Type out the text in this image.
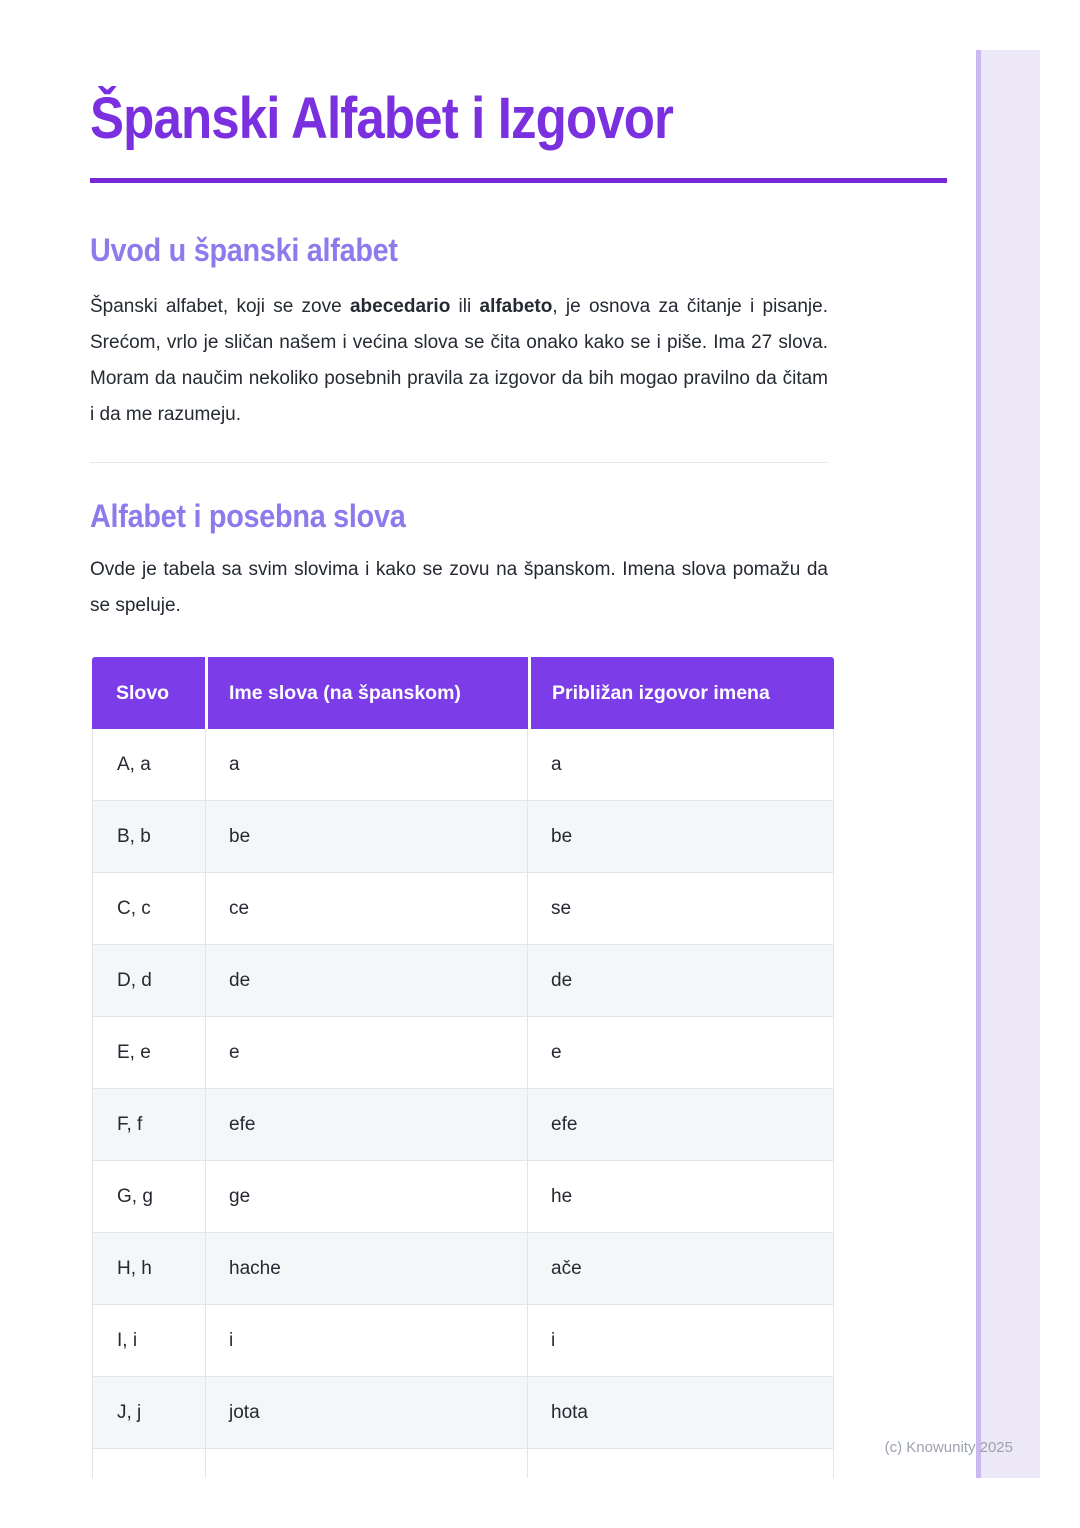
Španski Alfabet i Izgovor
Uvod u španski alfabet

Španski alfabet, koji se zove abecedario ili alfabeto, je osnova za čitanje i pisanje. Srećom, vrlo je sličan našem i većina slova se čita onako kako se i piše. Ima 27 slova. Moram da naučim nekoliko posebnih pravila za izgovor da bih mogao pravilno da čitam i da me razumeju.

Alfabet i posebna slova

Ovde je tabela sa svim slovima i kako se zovu na španskom. Imena slova pomažu da se speluje.

Slovo	Ime slova (na španskom)	Približan izgovor imena
A, a	a	a
B, b	be	be
C, c	ce	se
D, d	de	de
E, e	e	e
F, f	efe	efe
G, g	ge	he
H, h	hache	ače
I, i	i	i
J, j	jota	hota
(c) Knowunity 2025
